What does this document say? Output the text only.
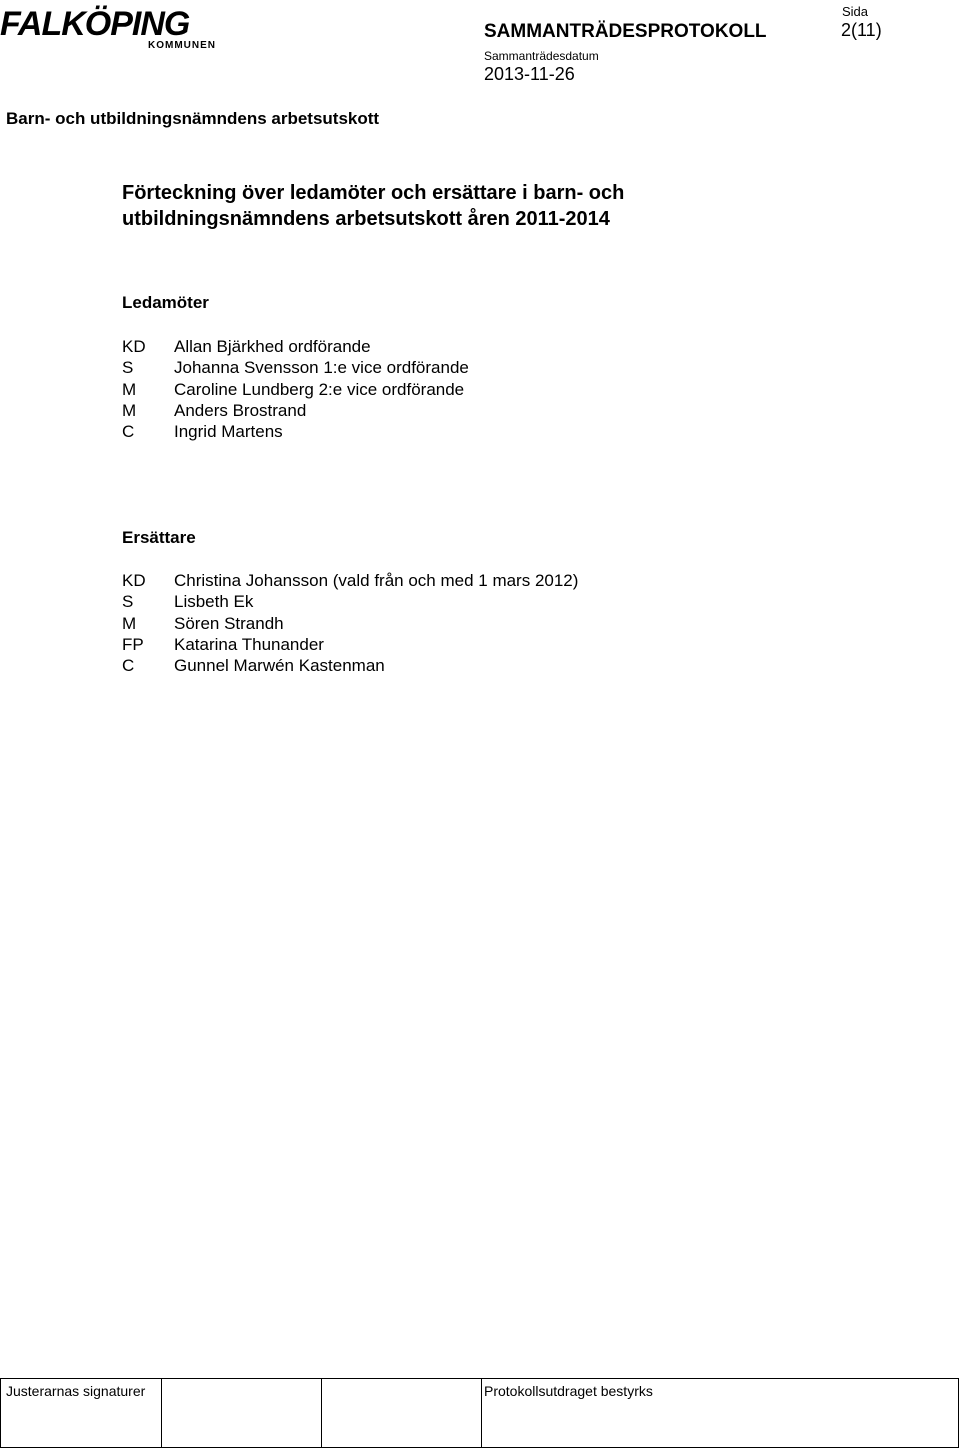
FALKÖPING
KOMMUNEN
SAMMANTRÄDESPROTOKOLL
Sammanträdesdatum
2013-11-26
Sida
2(11)
Barn- och utbildningsnämndens arbetsutskott
Förteckning över ledamöter och ersättare i barn- och
utbildningsnämndens arbetsutskott åren 2011-2014
Ledamöter
KD	Allan Bjärkhed ordförande
S	Johanna Svensson 1:e vice ordförande
M	Caroline Lundberg 2:e vice ordförande
M	Anders Brostrand
C	Ingrid Martens
Ersättare
KD	Christina Johansson (vald från och med 1 mars 2012)
S	Lisbeth Ek
M	Sören Strandh
FP	Katarina Thunander
C	Gunnel Marwén Kastenman
Justerarnas signaturer	Protokollsutdraget bestyrks
